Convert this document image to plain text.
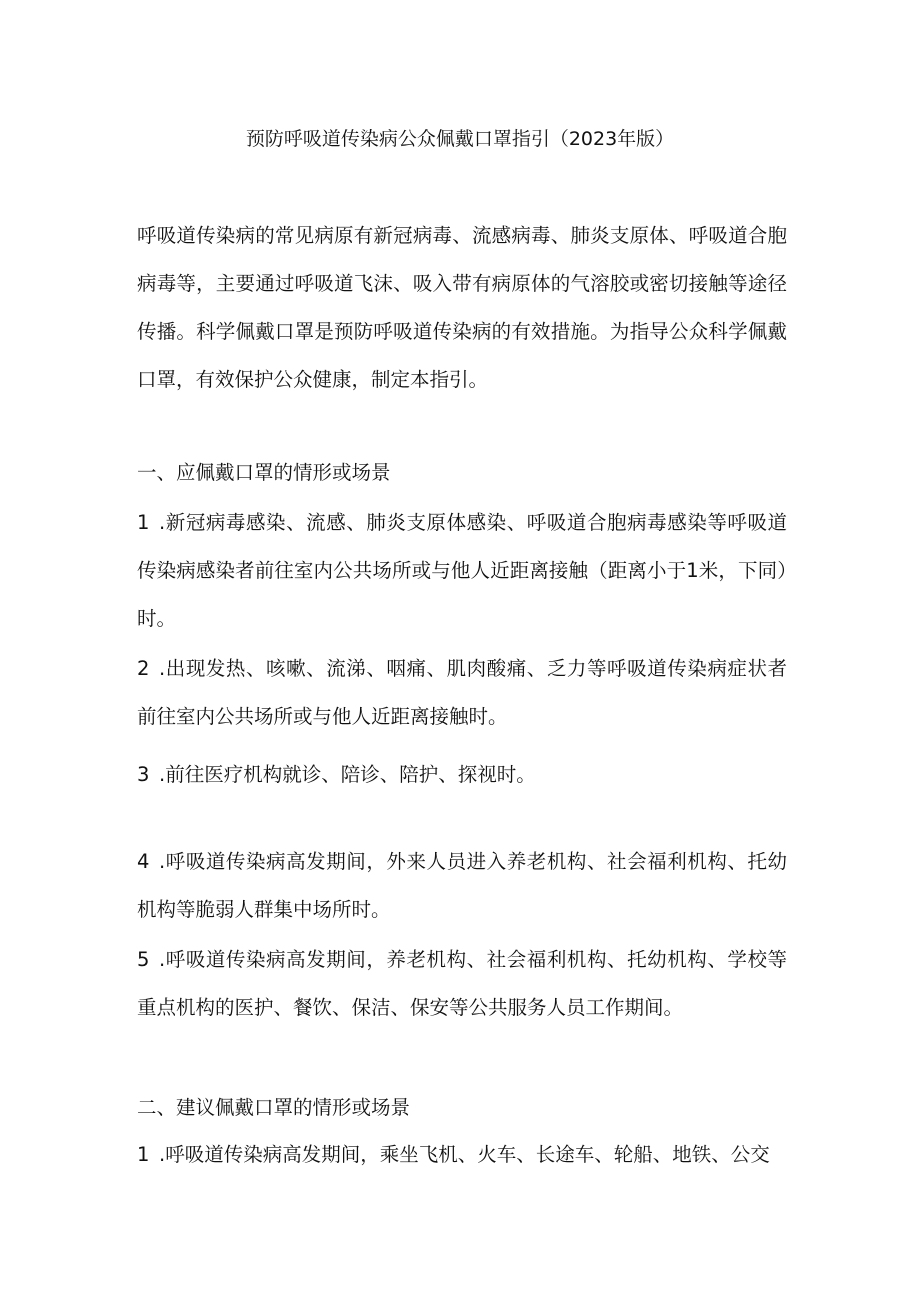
预防呼吸道传染病公众佩戴口罩指引（2023年版）
呼吸道传染病的常见病原有新冠病毒、流感病毒、肺炎支原体、呼吸道合胞病毒等，主要通过呼吸道飞沫、吸入带有病原体的气溶胶或密切接触等途径传播。科学佩戴口罩是预防呼吸道传染病的有效措施。为指导公众科学佩戴口罩，有效保护公众健康，制定本指引。
一、应佩戴口罩的情形或场景
1 .新冠病毒感染、流感、肺炎支原体感染、呼吸道合胞病毒感染等呼吸道传染病感染者前往室内公共场所或与他人近距离接触（距离小于1米，下同）时。
2 .出现发热、咳嗽、流涕、咽痛、肌肉酸痛、乏力等呼吸道传染病症状者前往室内公共场所或与他人近距离接触时。
3 .前往医疗机构就诊、陪诊、陪护、探视时。
4 .呼吸道传染病高发期间，外来人员进入养老机构、社会福利机构、托幼机构等脆弱人群集中场所时。
5 .呼吸道传染病高发期间，养老机构、社会福利机构、托幼机构、学校等重点机构的医护、餐饮、保洁、保安等公共服务人员工作期间。
二、建议佩戴口罩的情形或场景
1 .呼吸道传染病高发期间，乘坐飞机、火车、长途车、轮船、地铁、公交
